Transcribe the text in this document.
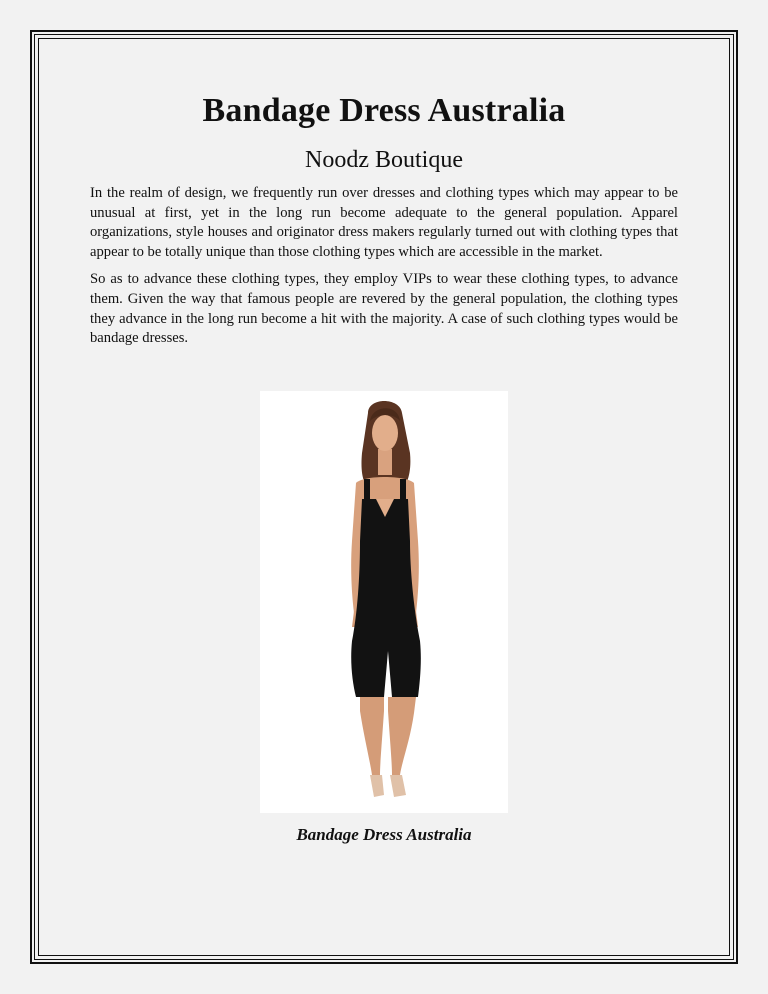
Bandage Dress Australia
Noodz Boutique

In the realm of design, we frequently run over dresses and clothing types which may appear to be unusual at first, yet in the long run become adequate to the general population. Apparel organizations, style houses and originator dress makers regularly turned out with clothing types that appear to be totally unique than those clothing types which are accessible in the market.

So as to advance these clothing types, they employ VIPs to wear these clothing types, to advance them. Given the way that famous people are revered by the general population, the clothing types they advance in the long run become a hit with the majority. A case of such clothing types would be bandage dresses.

Bandage Dress Australia
